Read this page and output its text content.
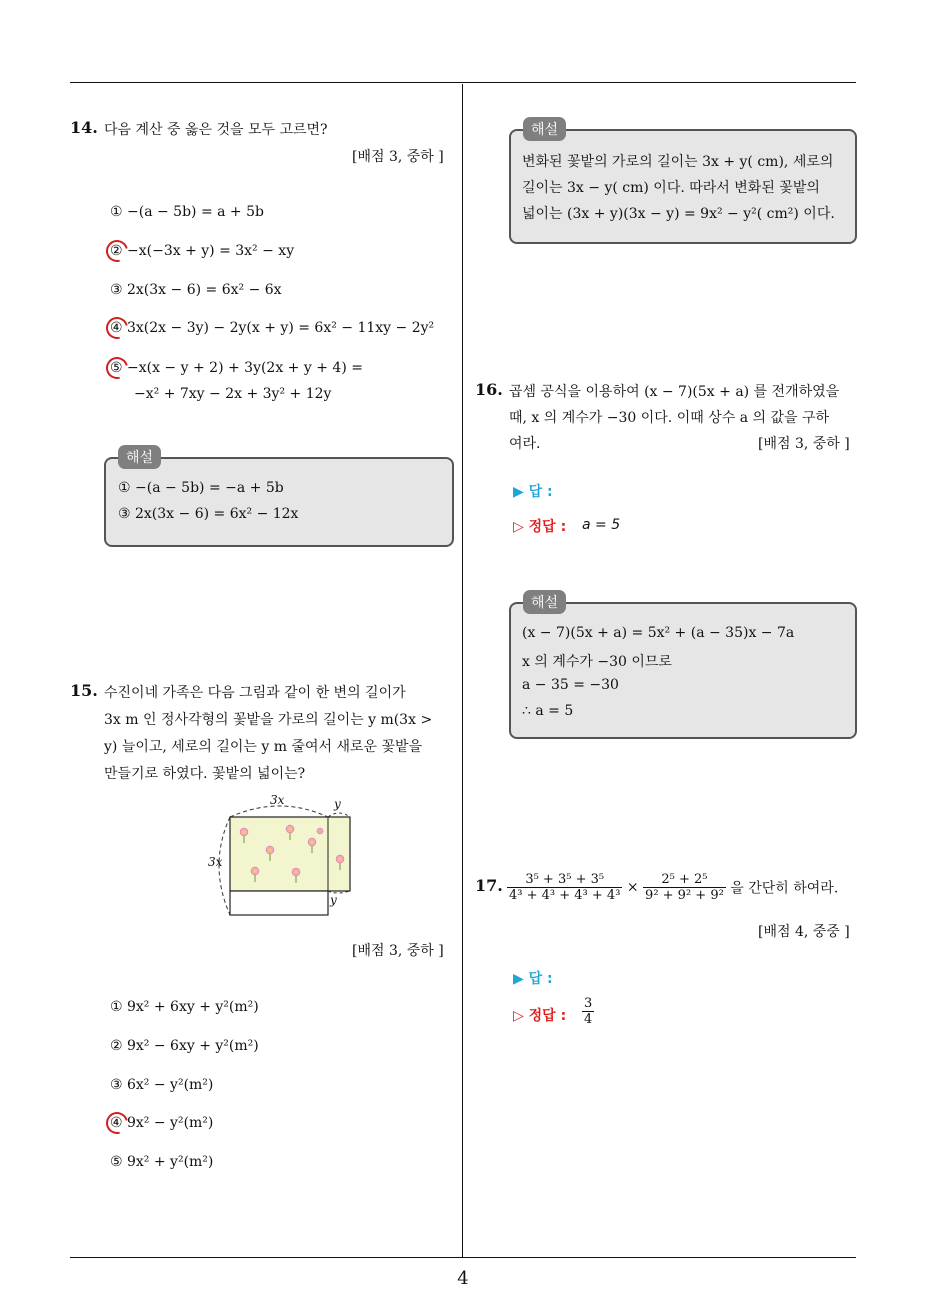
14. 다음 계산 중 옳은 것을 모두 고르면?
[배점 3, 중하 ]
① −(a − 5b) = a + 5b
② −x(−3x + y) = 3x² − xy
③ 2x(3x − 6) = 6x² − 6x
④ 3x(2x − 3y) − 2y(x + y) = 6x² − 11xy − 2y²
⑤ −x(x − y + 2) + 3y(2x + y + 4) =
−x² + 7xy − 2x + 3y² + 12y
해설
① −(a − 5b) = −a + 5b
③ 2x(3x − 6) = 6x² − 12x
15. 수진이네 가족은 다음 그림과 같이 한 변의 길이가
3x m 인 정사각형의 꽃밭을 가로의 길이는 y m(3x >
y) 늘이고, 세로의 길이는 y m 줄여서 새로운 꽃밭을
만들기로 하였다. 꽃밭의 넓이는?
3x	y
3x
y
[배점 3, 중하 ]
① 9x² + 6xy + y²(m²)
② 9x² − 6xy + y²(m²)
③ 6x² − y²(m²)
④ 9x² − y²(m²)
⑤ 9x² + y²(m²)
해설
변화된 꽃밭의 가로의 길이는 3x + y( cm), 세로의
길이는 3x − y( cm) 이다. 따라서 변화된 꽃밭의
넓이는 (3x + y)(3x − y) = 9x² − y²( cm²) 이다.
16. 곱셈 공식을 이용하여 (x − 7)(5x + a) 를 전개하였을
때, x 의 계수가 −30 이다. 이때 상수 a 의 값을 구하
여라.	[배점 3, 중하 ]
▶ 답 :
▷ 정답 : a = 5
해설
(x − 7)(5x + a) = 5x² + (a − 35)x − 7a
x 의 계수가 −30 이므로
a − 35 = −30
∴ a = 5
17. $\frac{\text{3⁵ + 3⁵ + 3⁵}}{\text{4³ + 4³ + 4³ + 4³}} \times \frac{\text{2⁵ + 2⁵}}{\text{9² + 9² + 9²}}$ 을 간단히 하여라.
[배점 4, 중중 ]
▶ 답 :
▷ 정답 : $\frac{3}{4}$
4
